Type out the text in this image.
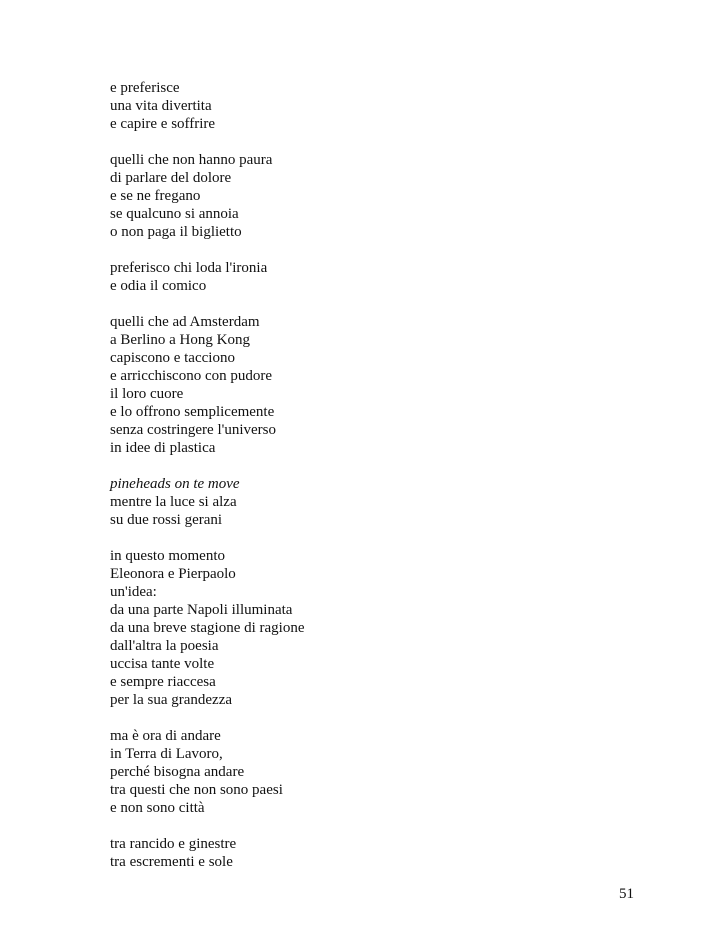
e preferisce
una vita divertita
e capire e soffrire
quelli che non hanno paura
di parlare del dolore
e se ne fregano
se qualcuno si annoia
o non paga il biglietto
preferisco chi loda l'ironia
e odia il comico
quelli che ad Amsterdam
a Berlino a Hong Kong
capiscono e tacciono
e arricchiscono con pudore
il loro cuore
e lo offrono semplicemente
senza costringere l'universo
in idee di plastica
pineheads on te move
mentre la luce si alza
su due rossi gerani
in questo momento
Eleonora e Pierpaolo
un'idea:
da una parte Napoli illuminata
da una breve stagione di ragione
dall'altra la poesia
uccisa tante volte
e sempre riaccesa
per la sua grandezza
ma è ora di andare
in Terra di Lavoro,
perché bisogna andare
tra questi che non sono paesi
e non sono città
tra rancido e ginestre
tra escrementi e sole
51
